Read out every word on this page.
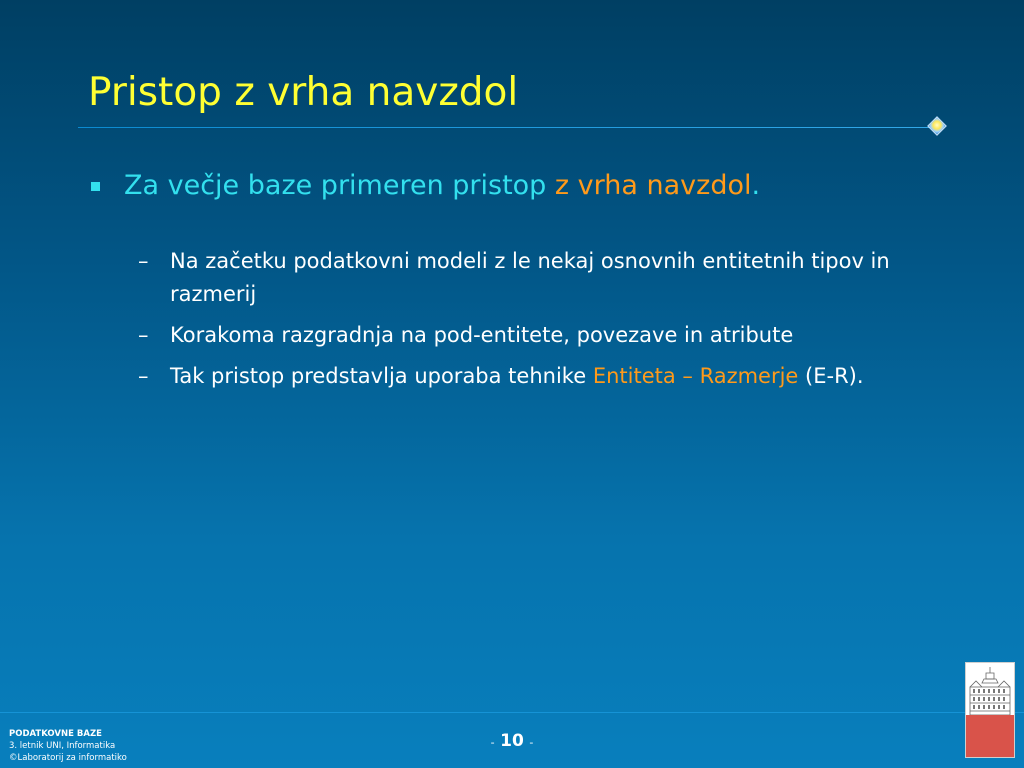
Pristop z vrha navzdol
Za večje baze primeren pristop z vrha navzdol.
– Na začetku podatkovni modeli z le nekaj osnovnih entitetnih tipov in razmerij
– Korakoma razgradnja na pod-entitete, povezave in atribute
– Tak pristop predstavlja uporaba tehnike Entiteta – Razmerje (E-R).
PODATKOVNE BAZE
3. letnik UNI, Informatika
©Laboratorij za informatiko
- 10 -
